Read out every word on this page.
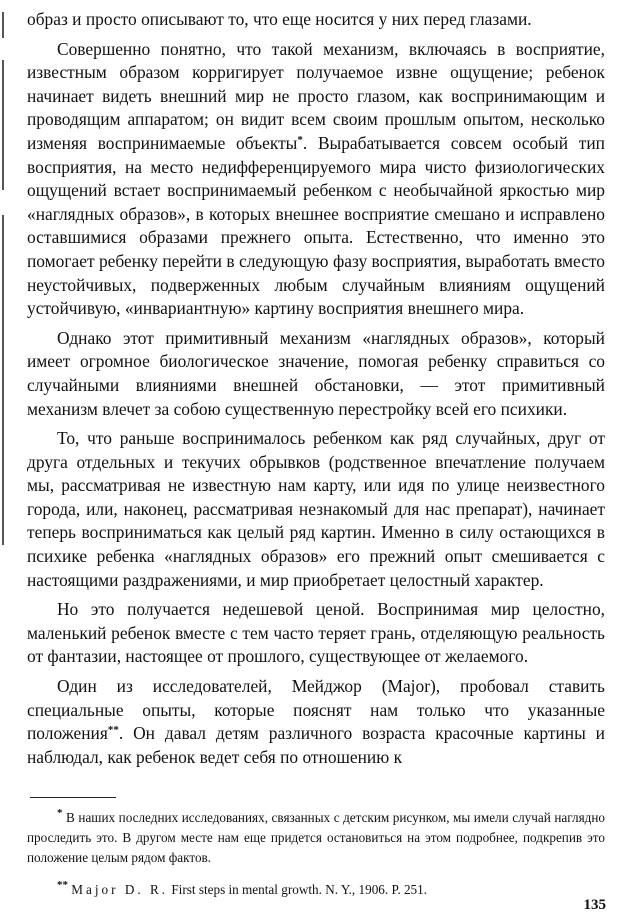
образ и просто описывают то, что еще носится у них перед глазами.

Совершенно понятно, что такой механизм, включаясь в восприятие, известным образом корригирует получаемое извне ощущение; ребенок начинает видеть внешний мир не просто глазом, как воспринимающим и проводящим аппаратом; он видит всем своим прошлым опытом, несколько изменяя воспринимаемые объекты*. Вырабатывается совсем особый тип восприятия, на место недифференцируемого мира чисто физиологических ощущений встает воспринимаемый ребенком с необычайной яркостью мир «наглядных образов», в которых внешнее восприятие смешано и исправлено оставшимися образами прежнего опыта. Естественно, что именно это помогает ребенку перейти в следующую фазу восприятия, выработать вместо неустойчивых, подверженных любым случайным влияниям ощущений устойчивую, «инвариантную» картину восприятия внешнего мира.

Однако этот примитивный механизм «наглядных образов», который имеет огромное биологическое значение, помогая ребенку справиться со случайными влияниями внешней обстановки, — этот примитивный механизм влечет за собою существенную перестройку всей его психики.

То, что раньше воспринималось ребенком как ряд случайных, друг от друга отдельных и текучих обрывков (родственное впечатление получаем мы, рассматривая не известную нам карту, или идя по улице неизвестного города, или, наконец, рассматривая незнакомый для нас препарат), начинает теперь восприниматься как целый ряд картин. Именно в силу остающихся в психике ребенка «наглядных образов» его прежний опыт смешивается с настоящими раздражениями, и мир приобретает целостный характер.

Но это получается недешевой ценой. Воспринимая мир целостно, маленький ребенок вместе с тем часто теряет грань, отделяющую реальность от фантазии, настоящее от прошлого, существующее от желаемого.

Один из исследователей, Мейджор (Major), пробовал ставить специальные опыты, которые пояснят нам только что указанные положения**. Он давал детям различного возраста красочные картины и наблюдал, как ребенок ведет себя по отношению к

* В наших последних исследованиях, связанных с детским рисунком, мы имели случай наглядно проследить это. В другом месте нам еще придется остановиться на этом подробнее, подкрепив это положение целым рядом фактов.

** Major D. R. First steps in mental growth. N. Y., 1906. P. 251.

135
